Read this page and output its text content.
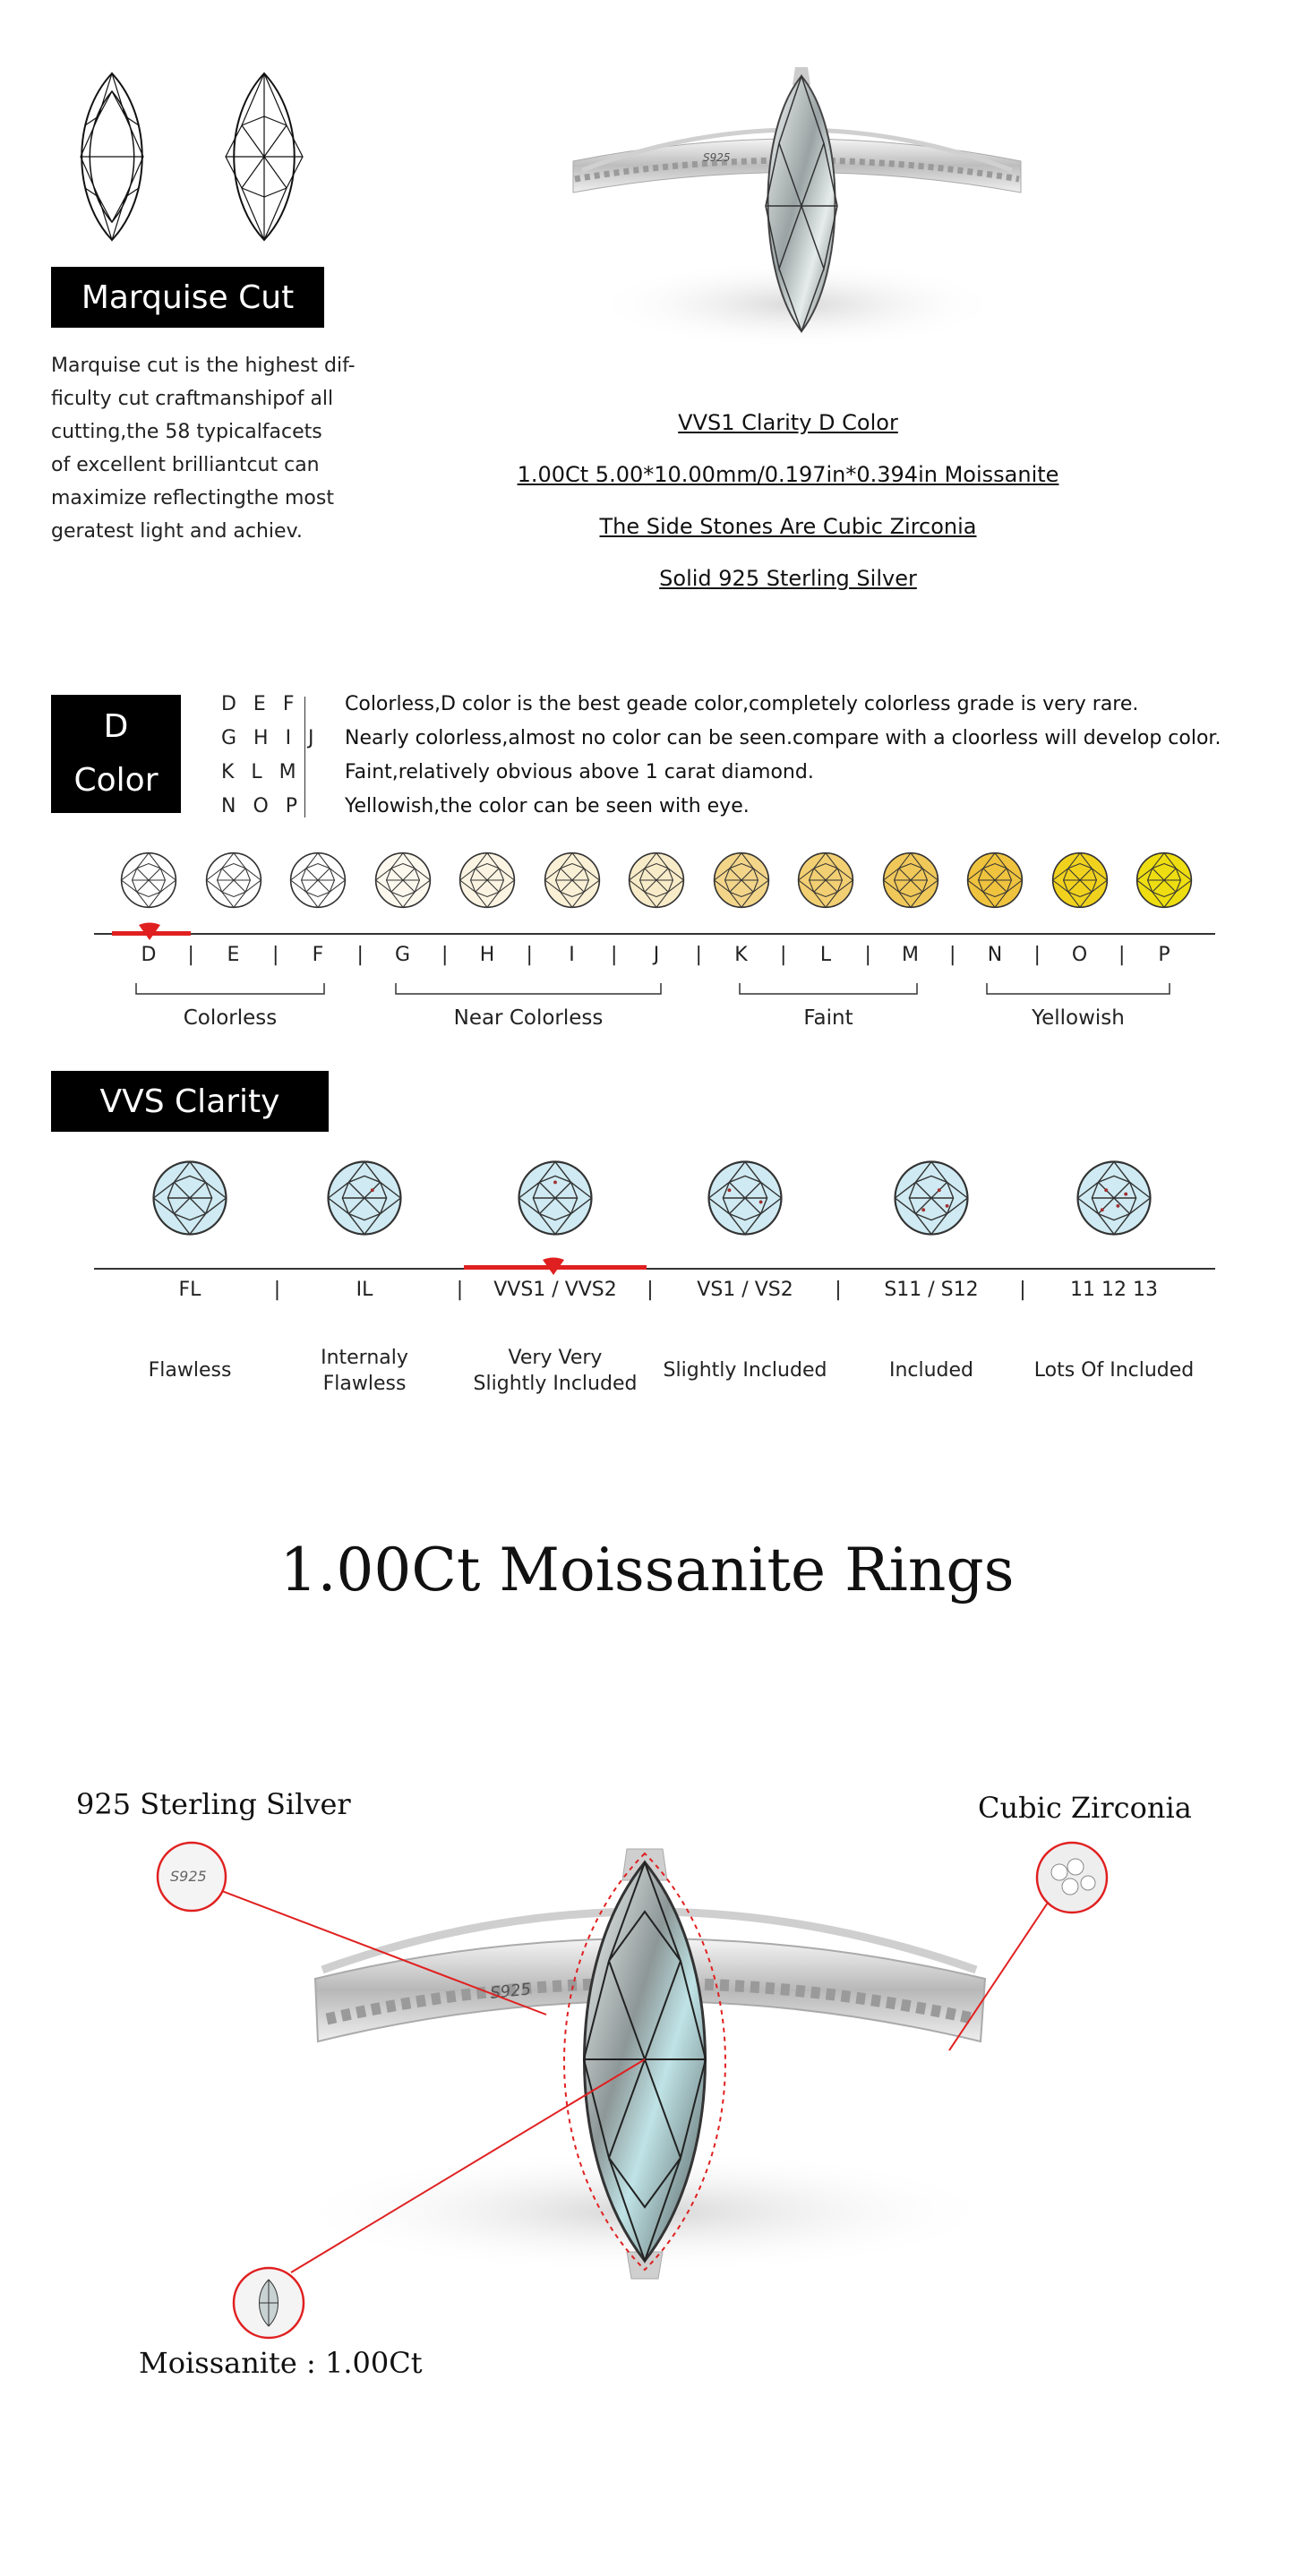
Marquise Cut
Marquise cut is the highest dif-
ficulty cut craftmanshipof all
cutting,the 58 typicalfacets
of excellent brilliantcut can
maximize reflectingthe most
geratest light and achiev.
S925
VVS1 Clarity D Color
1.00Ct 5.00*10.00mm/0.197in*0.394in Moissanite
The Side Stones Are Cubic Zirconia
Solid 925 Sterling Silver
D
Color
D E F
G H I J
K L M
N O P
Colorless,D color is the best geade color,completely colorless grade is very rare.
Nearly colorless,almost no color can be seen.compare with a cloorless will develop color.
Faint,relatively obvious above 1 carat diamond.
Yellowish,the color can be seen with eye.
D	|	E	|	F	|	G	|	H	|	I	|	J	|	K	|	L	|	M	|	N	|	O	|	P
Colorless	Near Colorless	Faint	Yellowish
VVS Clarity
FL
Flawless
|	IL
Internaly
Flawless
|	VVS1 / VVS2
Very Very
Slightly Included
|	VS1 / VS2
Slightly Included
|	S11 / S12
Included
|	11 12 13
Lots Of Included
1.00Ct Moissanite Rings
S925
S925
925 Sterling Silver	Cubic Zirconia
Moissanite : 1.00Ct
